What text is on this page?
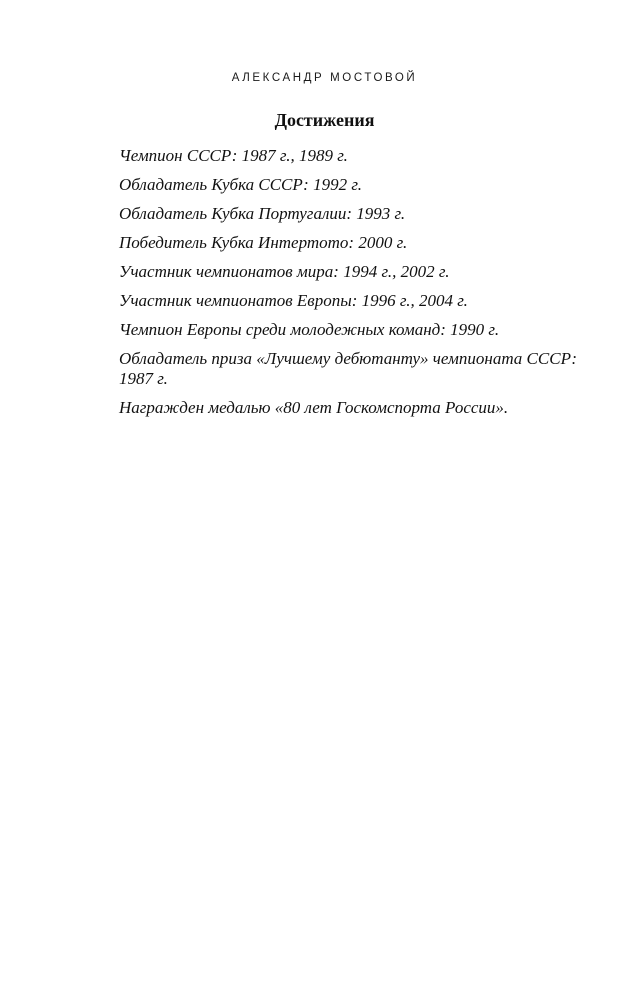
АЛЕКСАНДР МОСТОВОЙ
Достижения
Чемпион СССР: 1987 г., 1989 г.
Обладатель Кубка СССР: 1992 г.
Обладатель Кубка Португалии: 1993 г.
Победитель Кубка Интертото: 2000 г.
Участник чемпионатов мира: 1994 г., 2002 г.
Участник чемпионатов Европы: 1996 г., 2004 г.
Чемпион Европы среди молодежных команд: 1990 г.
Обладатель приза «Лучшему дебютанту» чемпионата СССР: 1987 г.
Награжден медалью «80 лет Госкомспорта России».
